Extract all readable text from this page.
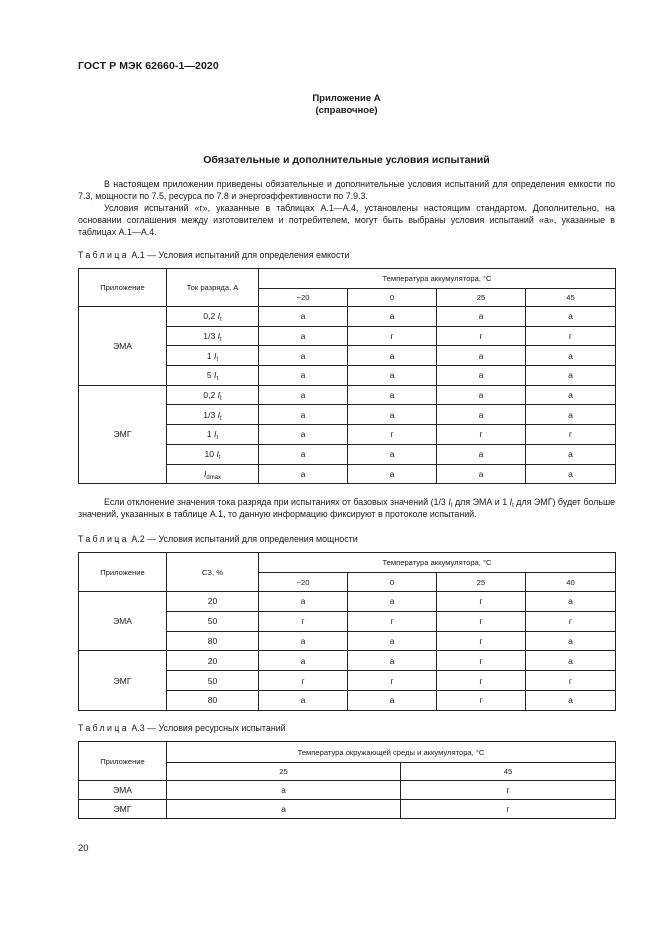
ГОСТ Р МЭК 62660-1—2020
Приложение А
(справочное)
Обязательные и дополнительные условия испытаний

В настоящем приложении приведены обязательные и дополнительные условия испытаний для определения емкости по 7.3, мощности по 7.5, ресурса по 7.8 и энергоэффективности по 7.9.3.

Условия испытаний «г», указанные в таблицах А.1—А.4, установлены настоящим стандартом. Дополнительно, на основании соглашения между изготовителем и потребителем, могут быть выбраны условия испытаний «а», указанные в таблицах А.1—А.4.

Таблица А.1 — Условия испытаний для определения емкости
Приложение	Ток разряда, А	Температура аккумулятора, °C			
		−20	0	25	45
ЭМА	0,2 $I_t$	а	а	а	а
	1/3 $I_t$	а	г	г	г
	1 $I_t$	а	а	а	а
	5 $I_t$	а	а	а	а
ЭМГ	0,2 $I_t$	а	а	а	а
	1/3 $I_t$	а	а	а	а
	1 $I_t$	а	г	г	г
	10 $I_t$	а	а	а	а
	$I_{dmax}$	а	а	а	а

Если отклонение значения тока разряда при испытаниях от базовых значений (1/3 $I_t$ для ЭМА и 1 $I_t$ для ЭМГ) будет больше значений, указанных в таблице А.1, то данную информацию фиксируют в протоколе испытаний.

Таблица А.2 — Условия испытаний для определения мощности
Приложение	СЗ, %	Температура аккумулятора, °C			
		−20	0	25	40
ЭМА	20	а	а	г	а
	50	г	г	г	г
	80	а	а	г	а
ЭМГ	20	а	а	г	а
	50	г	г	г	г
	80	а	а	г	а
Таблица А.3 — Условия ресурсных испытаний
Приложение	Температура окружающей среды и аккумулятора, °C	
	25	45
ЭМА	а	г
ЭМГ	а	г
20
